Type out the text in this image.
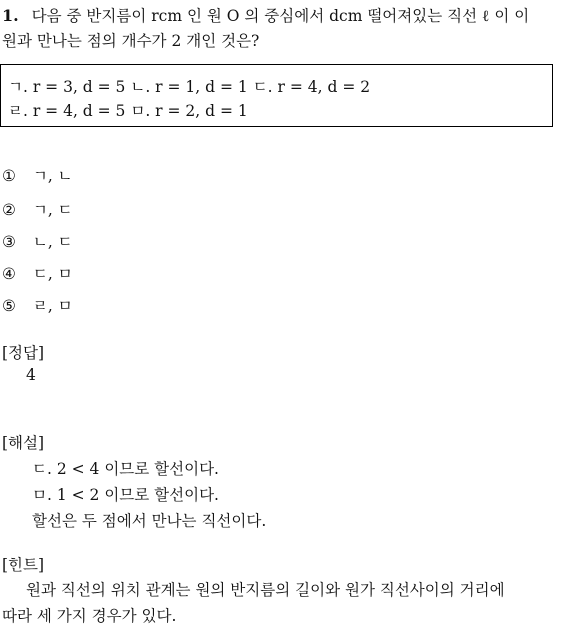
1. 다음 중 반지름이 rcm 인 원 O 의 중심에서 dcm 떨어져있는 직선 ℓ 이 이
원과 만나는 점의 개수가 2 개인 것은?
ㄱ. r = 3, d = 5 ㄴ. r = 1, d = 1 ㄷ. r = 4, d = 2
ㄹ. r = 4, d = 5 ㅁ. r = 2, d = 1
① ㄱ, ㄴ
② ㄱ, ㄷ
③ ㄴ, ㄷ
④ ㄷ, ㅁ
⑤ ㄹ, ㅁ
[정답]
4
[해설]
ㄷ. 2 < 4 이므로 할선이다.
ㅁ. 1 < 2 이므로 할선이다.
할선은 두 점에서 만나는 직선이다.
[힌트]
원과 직선의 위치 관계는 원의 반지름의 길이와 원가 직선사이의 거리에
따라 세 가지 경우가 있다.
